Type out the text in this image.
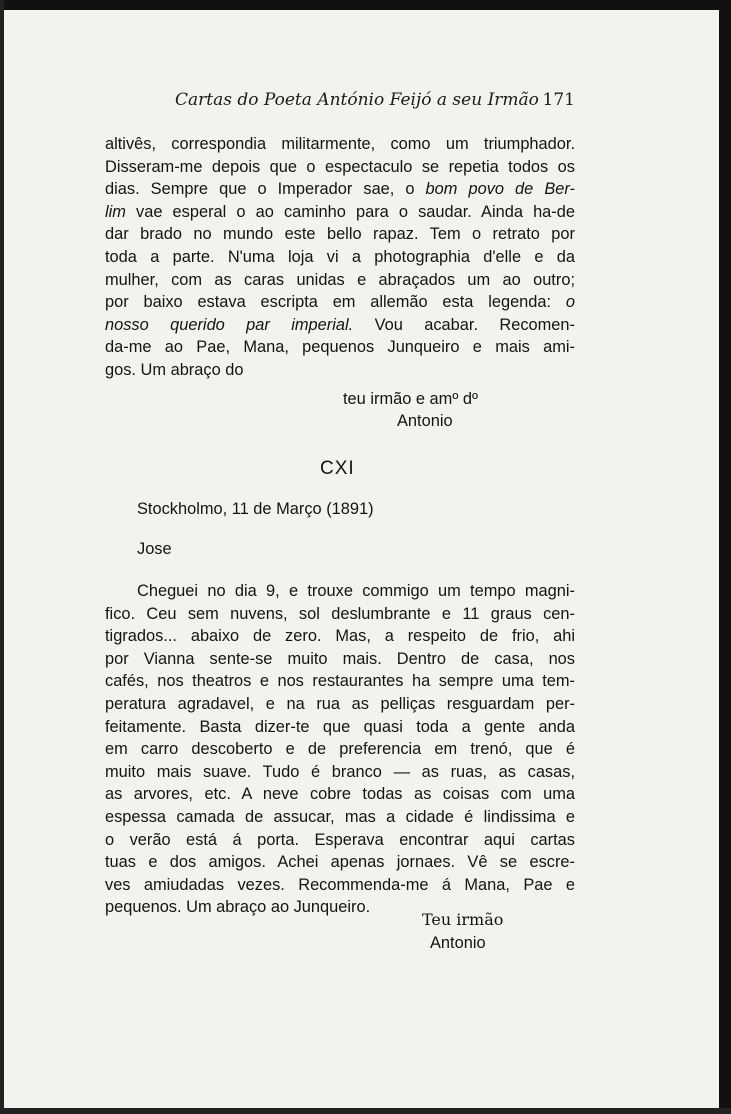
Cartas do Poeta António Feijó a seu Irmão 171
altivês, correspondia militarmente, como um triumphador.
Disseram-me depois que o espectaculo se repetia todos os
dias. Sempre que o Imperador sae, o bom povo de Ber-
lim vae esperal o ao caminho para o saudar. Ainda ha-de
dar brado no mundo este bello rapaz. Tem o retrato por
toda a parte. N'uma loja vi a photographia d'elle e da
mulher, com as caras unidas e abraçados um ao outro;
por baixo estava escripta em allemão esta legenda: o
nosso querido par imperial. Vou acabar. Recomen-
da-me ao Pae, Mana, pequenos Junqueiro e mais ami-
gos. Um abraço do
teu irmão e amº dº
Antonio
CXI
Stockholmo, 11 de Março (1891)
Jose
Cheguei no dia 9, e trouxe commigo um tempo magni-
fico. Ceu sem nuvens, sol deslumbrante e 11 graus cen-
tigrados... abaixo de zero. Mas, a respeito de frio, ahi
por Vianna sente-se muito mais. Dentro de casa, nos
cafés, nos theatros e nos restaurantes ha sempre uma tem-
peratura agradavel, e na rua as pelliças resguardam per-
feitamente. Basta dizer-te que quasi toda a gente anda
em carro descoberto e de preferencia em trenó, que é
muito mais suave. Tudo é branco — as ruas, as casas,
as arvores, etc. A neve cobre todas as coisas com uma
espessa camada de assucar, mas a cidade é lindissima e
o verão está á porta. Esperava encontrar aqui cartas
tuas e dos amigos. Achei apenas jornaes. Vê se escre-
ves amiudadas vezes. Recommenda-me á Mana, Pae e
pequenos. Um abraço ao Junqueiro.
Teu irmão
Antonio
